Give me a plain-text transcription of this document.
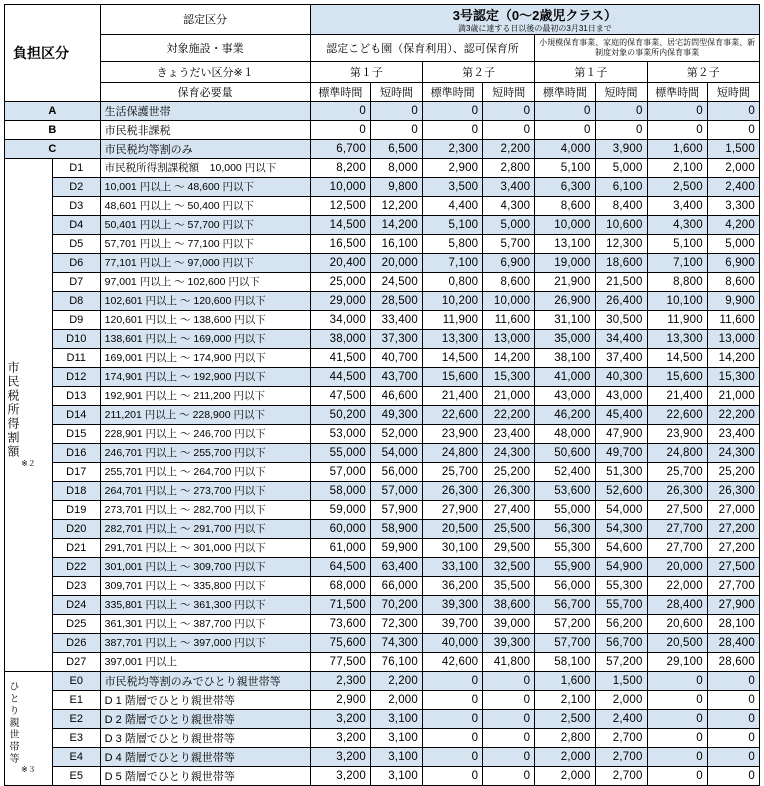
負担区分		認定区分	3号認定（0～2歳児クラス）
満3歳に達する日以後の最初の3月31日まで							

		対象施設・事業	認定こども園（保育利用）、認可保育所				小規模保育事業、家庭的保育事業、居宅訪問型保育事業、新制度対象の事業所内保育事業			
		きょうだい区分※１	第１子		第２子		第１子		第２子	
		保育必要量	標準時間	短時間	標準時間	短時間	標準時間	短時間	標準時間	短時間
A		生活保護世帯	0	0	0	0	0	0	0	0
B		市民税非課税	0	0	0	0	0	0	0	0
C		市民税均等割のみ	6,700	6,500	2,300	2,200	4,000	3,900	1,600	1,500

市民税所得割額
※２	D1	市民税所得割課税額　10,000 円以下	8,200	8,000	2,900	2,800	5,100	5,000	2,100	2,000
	D2	10,001 円以上 ～ 48,600 円以下	10,000	9,800	3,500	3,400	6,300	6,100	2,500	2,400
	D3	48,601 円以上 ～ 50,400 円以下	12,500	12,200	4,400	4,300	8,600	8,400	3,400	3,300
	D4	50,401 円以上 ～ 57,700 円以下	14,500	14,200	5,100	5,000	10,000	10,600	4,300	4,200
	D5	57,701 円以上 ～ 77,100 円以下	16,500	16,100	5,800	5,700	13,100	12,300	5,100	5,000
	D6	77,101 円以上 ～ 97,000 円以下	20,400	20,000	7,100	6,900	19,000	18,600	7,100	6,900
	D7	97,001 円以上 ～ 102,600 円以下	25,000	24,500	0,800	8,600	21,900	21,500	8,800	8,600
	D8	102,601 円以上 ～ 120,600 円以下	29,000	28,500	10,200	10,000	26,900	26,400	10,100	9,900
	D9	120,601 円以上 ～ 138,600 円以下	34,000	33,400	11,900	11,600	31,100	30,500	11,900	11,600
	D10	138,601 円以上 ～ 169,000 円以下	38,000	37,300	13,300	13,000	35,000	34,400	13,300	13,000
	D11	169,001 円以上 ～ 174,900 円以下	41,500	40,700	14,500	14,200	38,100	37,400	14,500	14,200
	D12	174,901 円以上 ～ 192,900 円以下	44,500	43,700	15,600	15,300	41,000	40,300	15,600	15,300
	D13	192,901 円以上 ～ 211,200 円以下	47,500	46,600	21,400	21,000	43,000	43,000	21,400	21,000
	D14	211,201 円以上 ～ 228,900 円以下	50,200	49,300	22,600	22,200	46,200	45,400	22,600	22,200
	D15	228,901 円以上 ～ 246,700 円以下	53,000	52,000	23,900	23,400	48,000	47,900	23,900	23,400
	D16	246,701 円以上 ～ 255,700 円以下	55,000	54,000	24,800	24,300	50,600	49,700	24,800	24,300
	D17	255,701 円以上 ～ 264,700 円以下	57,000	56,000	25,700	25,200	52,400	51,300	25,700	25,200
	D18	264,701 円以上 ～ 273,700 円以下	58,000	57,000	26,300	26,300	53,600	52,600	26,300	26,300
	D19	273,701 円以上 ～ 282,700 円以下	59,000	57,900	27,900	27,400	55,000	54,000	27,500	27,000
	D20	282,701 円以上 ～ 291,700 円以下	60,000	58,900	20,500	25,500	56,300	54,300	27,700	27,200
	D21	291,701 円以上 ～ 301,000 円以下	61,000	59,900	30,100	29,500	55,300	54,600	27,700	27,200
	D22	301,001 円以上 ～ 309,700 円以下	64,500	63,400	33,100	32,500	55,900	54,900	20,000	27,500
	D23	309,701 円以上 ～ 335,800 円以下	68,000	66,000	36,200	35,500	56,000	55,300	22,000	27,700
	D24	335,801 円以上 ～ 361,300 円以下	71,500	70,200	39,300	38,600	56,700	55,700	28,400	27,900
	D25	361,301 円以上 ～ 387,700 円以下	73,600	72,300	39,700	39,000	57,200	56,200	20,600	28,100
	D26	387,701 円以上 ～ 397,000 円以下	75,600	74,300	40,000	39,300	57,700	56,700	20,500	28,400
	D27	397,001 円以上	77,500	76,100	42,600	41,800	58,100	57,200	29,100	28,600

ひとり親世帯等
※３	E0	市民税均等割のみでひとり親世帯等	2,300	2,200	0	0	1,600	1,500	0	0
	E1	D 1 階層でひとり親世帯等	2,900	2,000	0	0	2,100	2,000	0	0
	E2	D 2 階層でひとり親世帯等	3,200	3,100	0	0	2,500	2,400	0	0
	E3	D 3 階層でひとり親世帯等	3,200	3,100	0	0	2,800	2,700	0	0
	E4	D 4 階層でひとり親世帯等	3,200	3,100	0	0	2,000	2,700	0	0
	E5	D 5 階層でひとり親世帯等	3,200	3,100	0	0	2,000	2,700	0	0
